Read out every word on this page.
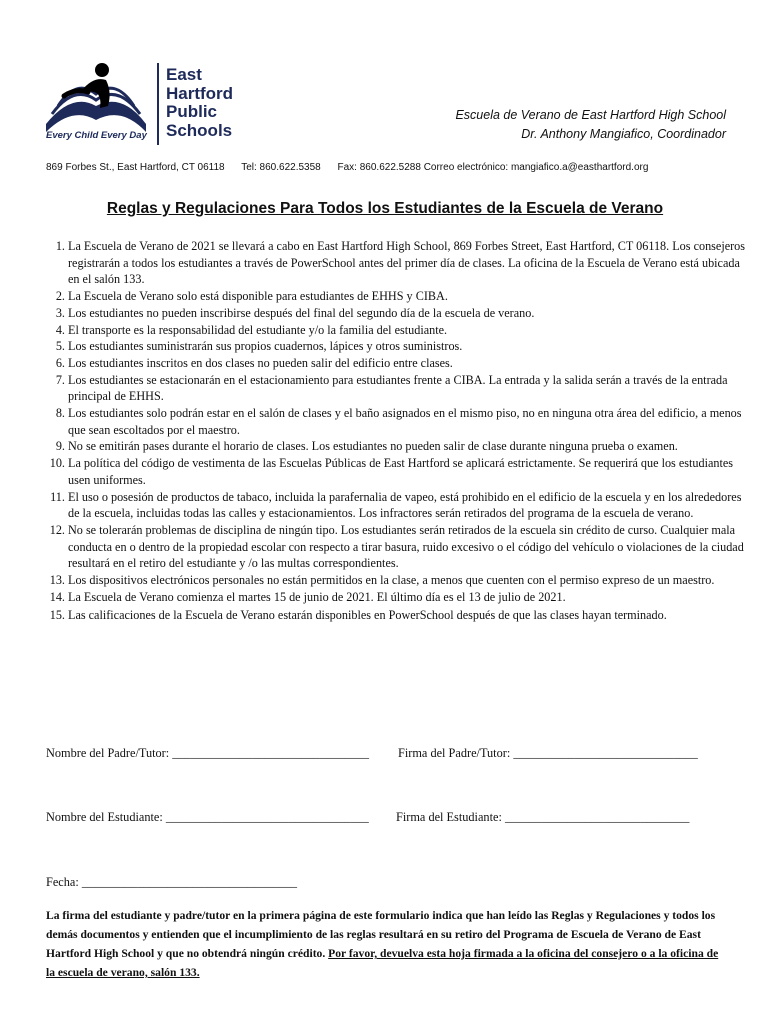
East
Hartford
Public
Schools
Every Child Every Day
Escuela de Verano de East Hartford High School
Dr. Anthony Mangiafico, Coordinador
869 Forbes St., East Hartford, CT 06118 Tel: 860.622.5358 Fax: 860.622.5288 Correo electrónico: mangiafico.a@easthartford.org
Reglas y Regulaciones Para Todos los Estudiantes de la Escuela de Verano
1. La Escuela de Verano de 2021 se llevará a cabo en East Hartford High School, 869 Forbes Street, East Hartford, CT 06118. Los consejeros registrarán a todos los estudiantes a través de PowerSchool antes del primer día de clases. La oficina de la Escuela de Verano está ubicada en el salón 133.
2. La Escuela de Verano solo está disponible para estudiantes de EHHS y CIBA.
3. Los estudiantes no pueden inscribirse después del final del segundo día de la escuela de verano.
4. El transporte es la responsabilidad del estudiante y/o la familia del estudiante.
5. Los estudiantes suministrarán sus propios cuadernos, lápices y otros suministros.
6. Los estudiantes inscritos en dos clases no pueden salir del edificio entre clases.
7. Los estudiantes se estacionarán en el estacionamiento para estudiantes frente a CIBA. La entrada y la salida serán a través de la entrada principal de EHHS.
8. Los estudiantes solo podrán estar en el salón de clases y el baño asignados en el mismo piso, no en ninguna otra área del edificio, a menos que sean escoltados por el maestro.
9. No se emitirán pases durante el horario de clases. Los estudiantes no pueden salir de clase durante ninguna prueba o examen.
10. La política del código de vestimenta de las Escuelas Públicas de East Hartford se aplicará estrictamente. Se requerirá que los estudiantes usen uniformes.
11. El uso o posesión de productos de tabaco, incluida la parafernalia de vapeo, está prohibido en el edificio de la escuela y en los alrededores de la escuela, incluidas todas las calles y estacionamientos. Los infractores serán retirados del programa de la escuela de verano.
12. No se tolerarán problemas de disciplina de ningún tipo. Los estudiantes serán retirados de la escuela sin crédito de curso. Cualquier mala conducta en o dentro de la propiedad escolar con respecto a tirar basura, ruido excesivo o el código del vehículo o violaciones de la ciudad resultará en el retiro del estudiante y /o las multas correspondientes.
13. Los dispositivos electrónicos personales no están permitidos en la clase, a menos que cuenten con el permiso expreso de un maestro.
14. La Escuela de Verano comienza el martes 15 de junio de 2021. El último día es el 13 de julio de 2021.
15. Las calificaciones de la Escuela de Verano estarán disponibles en PowerSchool después de que las clases hayan terminado.
Nombre del Padre/Tutor: ________________________________ Firma del Padre/Tutor: ______________________________
Nombre del Estudiante: _________________________________ Firma del Estudiante: ______________________________
Fecha: ___________________________________
La firma del estudiante y padre/tutor en la primera página de este formulario indica que han leído las Reglas y Regulaciones y todos los demás documentos y entienden que el incumplimiento de las reglas resultará en su retiro del Programa de Escuela de Verano de East Hartford High School y que no obtendrá ningún crédito. Por favor, devuelva esta hoja firmada a la oficina del consejero o a la oficina de la escuela de verano, salón 133.
